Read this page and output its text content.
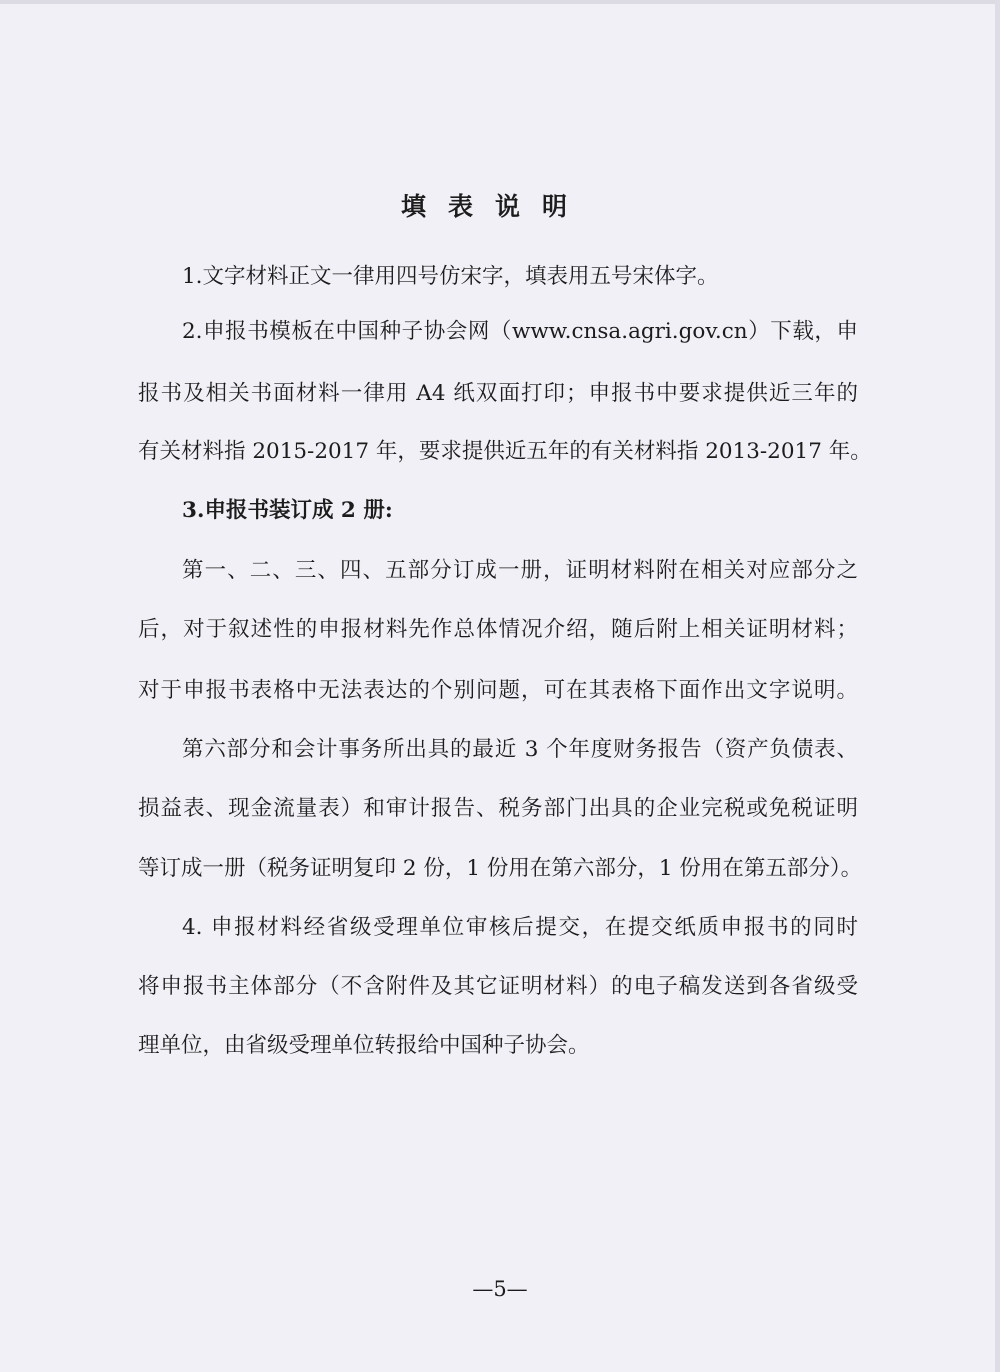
填表说明
1.文字材料正文一律用四号仿宋字，填表用五号宋体字。
2.申报书模板在中国种子协会网（www.cnsa.agri.gov.cn）下载，申
报书及相关书面材料一律用 A4 纸双面打印；申报书中要求提供近三年的
有关材料指 2015-2017 年，要求提供近五年的有关材料指 2013-2017 年。
3.申报书装订成 2 册:
第一、二、三、四、五部分订成一册，证明材料附在相关对应部分之
后，对于叙述性的申报材料先作总体情况介绍，随后附上相关证明材料；
对于申报书表格中无法表达的个别问题，可在其表格下面作出文字说明。
第六部分和会计事务所出具的最近 3 个年度财务报告（资产负债表、
损益表、现金流量表）和审计报告、税务部门出具的企业完税或免税证明
等订成一册（税务证明复印 2 份，1 份用在第六部分，1 份用在第五部分）。
4. 申报材料经省级受理单位审核后提交，在提交纸质申报书的同时
将申报书主体部分（不含附件及其它证明材料）的电子稿发送到各省级受
理单位，由省级受理单位转报给中国种子协会。
—5—
